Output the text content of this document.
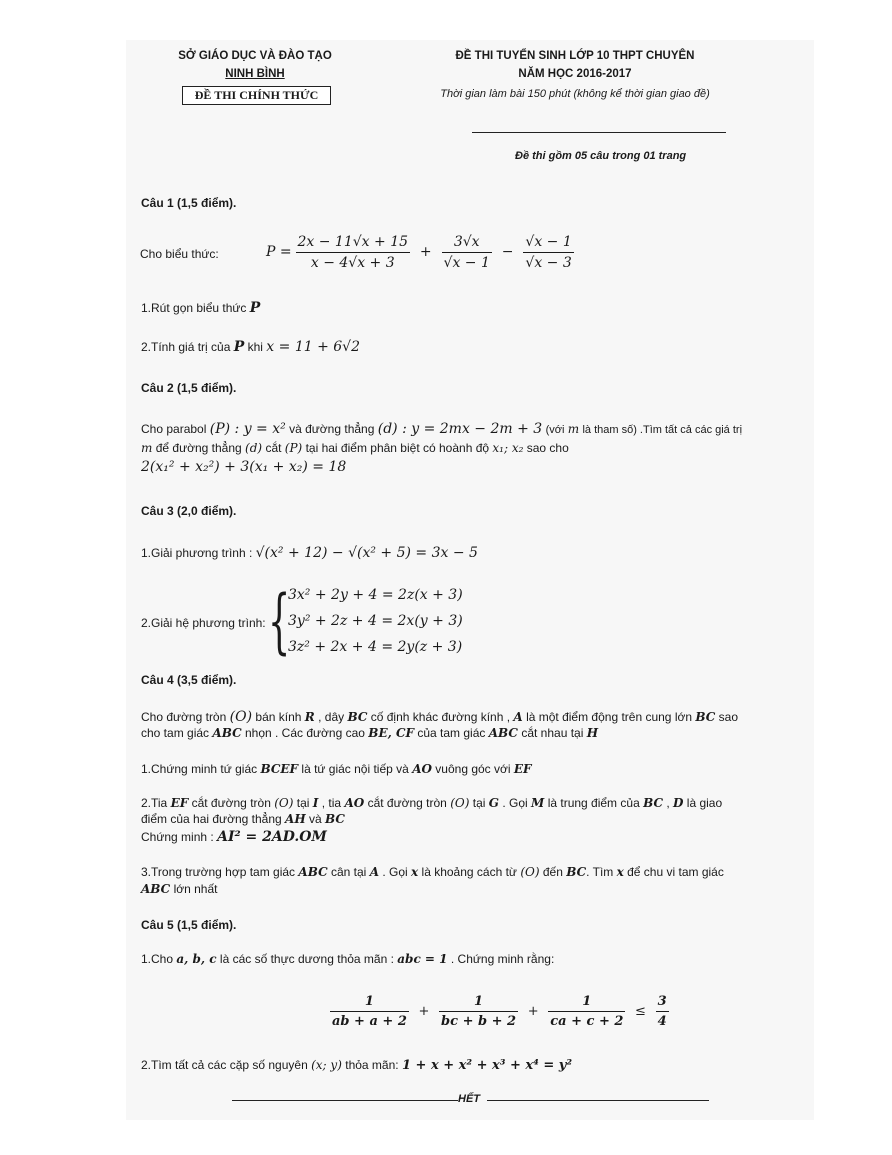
SỞ GIÁO DỤC VÀ ĐÀO TẠO
NINH BÌNH
ĐỀ THI CHÍNH THỨC
ĐỀ THI TUYỂN SINH LỚP 10 THPT CHUYÊN
NĂM HỌC 2016-2017
Thời gian làm bài 150 phút (không kể thời gian giao đề)
Đề thi gồm 05 câu trong 01 trang
Câu 1 (1,5 điểm).
Cho biểu thức:	$P = \frac{2x - 11√x + 15}{x - 4√x + 3} + \frac{3√x}{√x - 1} - \frac{√x - 1}{√x - 3}$
1.Rút gọn biểu thức P
2.Tính giá trị của P khi x = 11 + 6√2
Câu 2 (1,5 điểm).
Cho parabol (P) : y = x² và đường thẳng (d) : y = 2mx − 2m + 3 (với m là tham số) .Tìm tất cả các giá trị
m để đường thẳng (d) cắt (P) tại hai điểm phân biệt có hoành độ x₁; x₂ sao cho
2(x₁² + x₂²) + 3(x₁ + x₂) = 18
Câu 3 (2,0 điểm).
1.Giải phương trình : √(x² + 12) − √(x² + 5) = 3x − 5
2.Giải hệ phương trình: {
3x² + 2y + 4 = 2z(x + 3)
3y² + 2z + 4 = 2x(y + 3)
3z² + 2x + 4 = 2y(z + 3)
Câu 4 (3,5 điểm).
Cho đường tròn (O) bán kính R , dây BC cố định khác đường kính , A là một điểm động trên cung lớn BC sao
cho tam giác ABC nhọn . Các đường cao BE, CF của tam giác ABC cắt nhau tại H
1.Chứng minh tứ giác BCEF là tứ giác nội tiếp và AO vuông góc với EF
2.Tia EF cắt đường tròn (O) tại I , tia AO cắt đường tròn (O) tại G . Gọi M là trung điểm của BC , D là giao
điểm của hai đường thẳng AH và BC
Chứng minh : AI² = 2AD.OM
3.Trong trường hợp tam giác ABC cân tại A . Gọi x là khoảng cách từ (O) đến BC. Tìm x để chu vi tam giác
ABC lớn nhất
Câu 5 (1,5 điểm).
1.Cho a, b, c là các số thực dương thỏa mãn : abc = 1 . Chứng minh rằng:
$\frac{1}{ab + a + 2} + \frac{1}{bc + b + 2} + \frac{1}{ca + c + 2} \le \frac{3}{4}$
2.Tìm tất cả các cặp số nguyên (x; y) thỏa mãn: 1 + x + x² + x³ + x⁴ = y²
HẾT
